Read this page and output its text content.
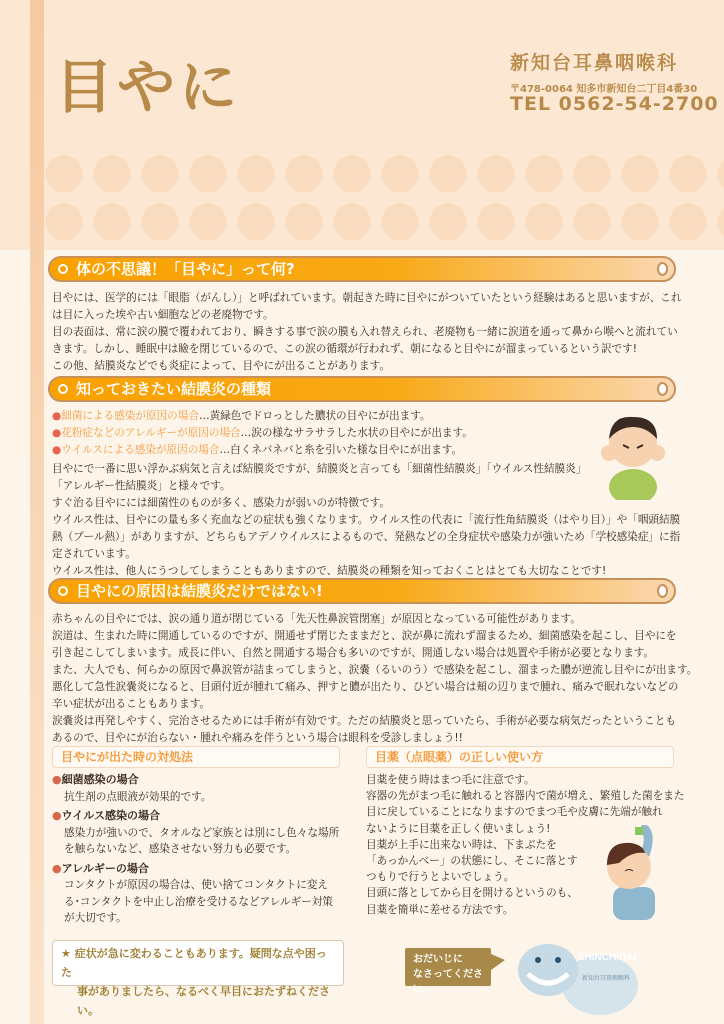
目やに	新知台耳鼻咽喉科
〒478-0064 知多市新知台二丁目4番30
TEL 0562-54-2700
体の不思議！「目やに」って何?
目やには、医学的には「眼脂（がんし）」と呼ばれています。朝起きた時に目やにがついていたという経験はあると思いますが、これ
は目に入った埃や古い細胞などの老廃物です。
目の表面は、常に涙の膜で覆われており、瞬きする事で涙の膜も入れ替えられ、老廃物も一緒に涙道を通って鼻から喉へと流れてい
きます。しかし、睡眠中は瞼を閉じているので、この涙の循環が行われず、朝になると目やにが溜まっているという訳です!
この他、結膜炎などでも炎症によって、目やにが出ることがあります。
知っておきたい結膜炎の種類
●細菌による感染が原因の場合…黄緑色でドロっとした膿状の目やにが出ます。
●花粉症などのアレルギーが原因の場合…涙の様なサラサラした水状の目やにが出ます。
●ウイルスによる感染が原因の場合…白くネバネバと糸を引いた様な目やにが出ます。
目やにで一番に思い浮かぶ病気と言えば結膜炎ですが、結膜炎と言っても「細菌性結膜炎」「ウイルス性結膜炎」
「アレルギー性結膜炎」と様々です。
すぐ治る目やにには細菌性のものが多く、感染力が弱いのが特徴です。
ウイルス性は、目やにの量も多く充血などの症状も強くなります。ウイルス性の代表に「流行性角結膜炎（はやり目）」や「咽頭結膜
熱（プール熱）」がありますが、どちらもアデノウイルスによるもので、発熱などの全身症状や感染力が強いため「学校感染症」に指
定されています。
ウイルス性は、他人にうつしてしまうこともありますので、結膜炎の種類を知っておくことはとても大切なことです!
目やにの原因は結膜炎だけではない!
赤ちゃんの目やにでは、涙の通り道が閉じている「先天性鼻涙管閉塞」が原因となっている可能性があります。
涙道は、生まれた時に開通しているのですが、開通せず閉じたままだと、涙が鼻に流れず溜まるため、細菌感染を起こし、目やにを
引き起こしてしまいます。成長に伴い、自然と開通する場合も多いのですが、開通しない場合は処置や手術が必要となります。
また、大人でも、何らかの原因で鼻涙管が詰まってしまうと、涙嚢（るいのう）で感染を起こし、溜まった膿が逆流し目やにが出ます。
悪化して急性涙嚢炎になると、目頭付近が腫れて痛み、押すと膿が出たり、ひどい場合は頬の辺りまで腫れ、痛みで眠れないなどの
辛い症状が出ることもあります。
涙嚢炎は再発しやすく、完治させるためには手術が有効です。ただの結膜炎と思っていたら、手術が必要な病気だったということも
あるので、目やにが治らない・腫れや痛みを伴うという場合は眼科を受診しましょう!!
目やにが出た時の対処法
●細菌感染の場合
抗生剤の点眼液が効果的です。
●ウイルス感染の場合
感染力が強いので、タオルなど家族とは別にし色々な場所
を触らないなど、感染させない努力も必要です。
●アレルギーの場合
コンタクトが原因の場合は、使い捨てコンタクトに変え
る･コンタクトを中止し治療を受けるなどアレルギー対策
が大切です。
目薬（点眼薬）の正しい使い方
目薬を使う時はまつ毛に注意です。
容器の先がまつ毛に触れると容器内で菌が増え、繁殖した菌をまた
目に戻していることになりますのでまつ毛や皮膚に先端が触れ
ないように目薬を正しく使いましょう!
目薬が上手に出来ない時は、下まぶたを
「あっかんべー」の状態にし、そこに落とす
つもりで行うとよいでしょう。
目頭に落としてから目を開けるというのも、
目薬を簡単に差せる方法です。
★ 症状が急に変わることもあります。疑問な点や困った
事がありましたら、なるべく早目におたずねください。
おだいじに
なさってください。
SHINCHIDAI
新知台耳鼻咽喉科
